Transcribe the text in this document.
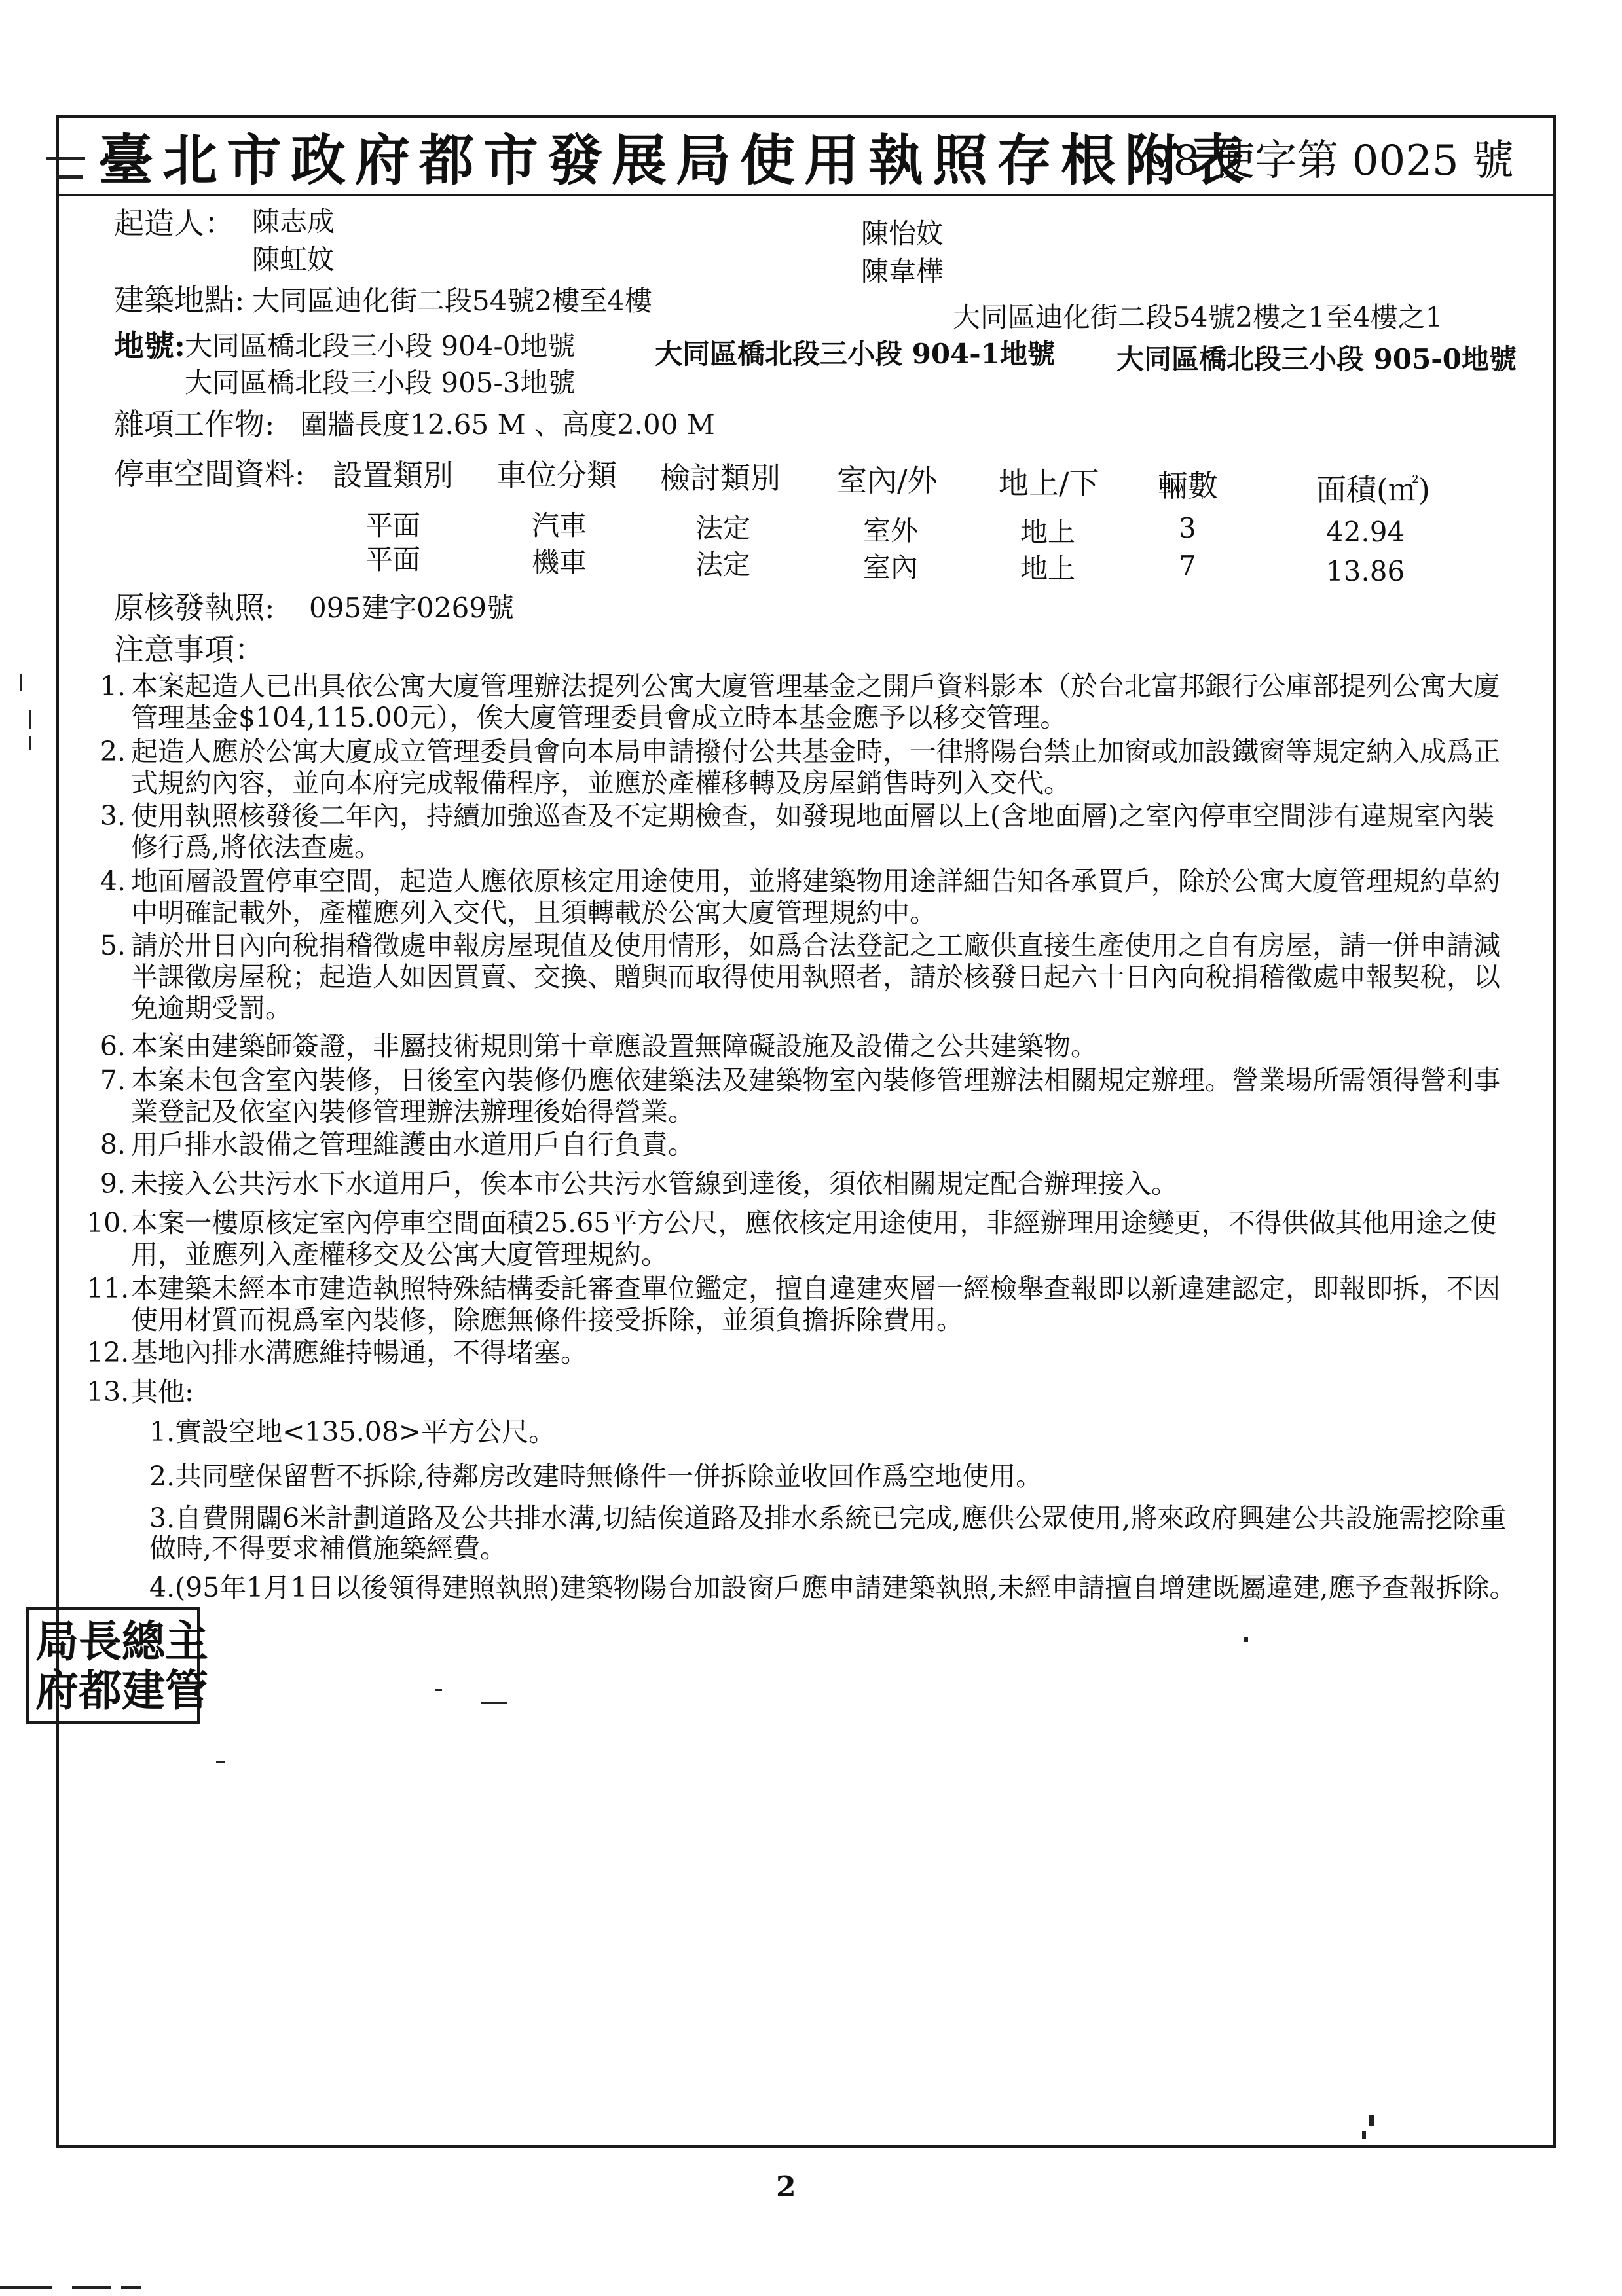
臺北市政府都市發展局使用執照存根附表
98 使字第 0025 號
起造人： 陳志成
陳虹妏
陳怡妏
陳韋樺
建築地點: 大同區迪化街二段54號2樓至4樓
大同區迪化街二段54號2樓之1至4樓之1
地號: 大同區橋北段三小段 904-0地號	大同區橋北段三小段 904-1地號 大同區橋北段三小段 905-0地號
大同區橋北段三小段 905-3地號
雜項工作物: 圍牆長度12.65 M 、高度2.00 M
停車空間資料: 設置類別 車位分類 檢討類別 室內/外 地上/下 輛數	面積(㎡)
平面	汽車	法定	室外	地上	3	42.94
平面	機車	法定	室內	地上	7	13.86
原核發執照: 095建字0269號
注意事項：
1. 本案起造人已出具依公寓大廈管理辦法提列公寓大廈管理基金之開戶資料影本（於台北富邦銀行公庫部提列公寓大廈管理基金$104,115.00元），俟大廈管理委員會成立時本基金應予以移交管理。
2. 起造人應於公寓大廈成立管理委員會向本局申請撥付公共基金時，一律將陽台禁止加窗或加設鐵窗等規定納入成爲正式規約內容，並向本府完成報備程序，並應於產權移轉及房屋銷售時列入交代。
3. 使用執照核發後二年內，持續加強巡查及不定期檢查，如發現地面層以上(含地面層)之室內停車空間涉有違規室內裝修行爲,將依法查處。
4. 地面層設置停車空間，起造人應依原核定用途使用，並將建築物用途詳細告知各承買戶，除於公寓大廈管理規約草約中明確記載外，產權應列入交代，且須轉載於公寓大廈管理規約中。
5. 請於卅日內向稅捐稽徵處申報房屋現值及使用情形，如爲合法登記之工廠供直接生產使用之自有房屋，請一併申請減半課徵房屋稅；起造人如因買賣、交換、贈與而取得使用執照者，請於核發日起六十日內向稅捐稽徵處申報契稅，以免逾期受罰。
6. 本案由建築師簽證，非屬技術規則第十章應設置無障礙設施及設備之公共建築物。
7. 本案未包含室內裝修，日後室內裝修仍應依建築法及建築物室內裝修管理辦法相關規定辦理。營業場所需領得營利事業登記及依室內裝修管理辦法辦理後始得營業。
8. 用戶排水設備之管理維護由水道用戶自行負責。
9. 未接入公共污水下水道用戶，俟本市公共污水管線到達後，須依相關規定配合辦理接入。
10. 本案一樓原核定室內停車空間面積25.65平方公尺，應依核定用途使用，非經辦理用途變更，不得供做其他用途之使用，並應列入產權移交及公寓大廈管理規約。
11. 本建築未經本市建造執照特殊結構委託審查單位鑑定，擅自違建夾層一經檢舉查報即以新違建認定，即報即拆，不因使用材質而視爲室內裝修，除應無條件接受拆除，並須負擔拆除費用。
12. 基地內排水溝應維持暢通，不得堵塞。
13. 其他:
1.實設空地<135.08>平方公尺。
2.共同壁保留暫不拆除,待鄰房改建時無條件一併拆除並收回作爲空地使用。
3.自費開闢6米計劃道路及公共排水溝,切結俟道路及排水系統已完成,應供公眾使用,將來政府興建公共設施需挖除重做時,不得要求補償施築經費。
4.(95年1月1日以後領得建照執照)建築物陽台加設窗戶應申請建築執照,未經申請擅自增建既屬違建,應予查報拆除。
局 長 總 主
府 都 建 管
2
